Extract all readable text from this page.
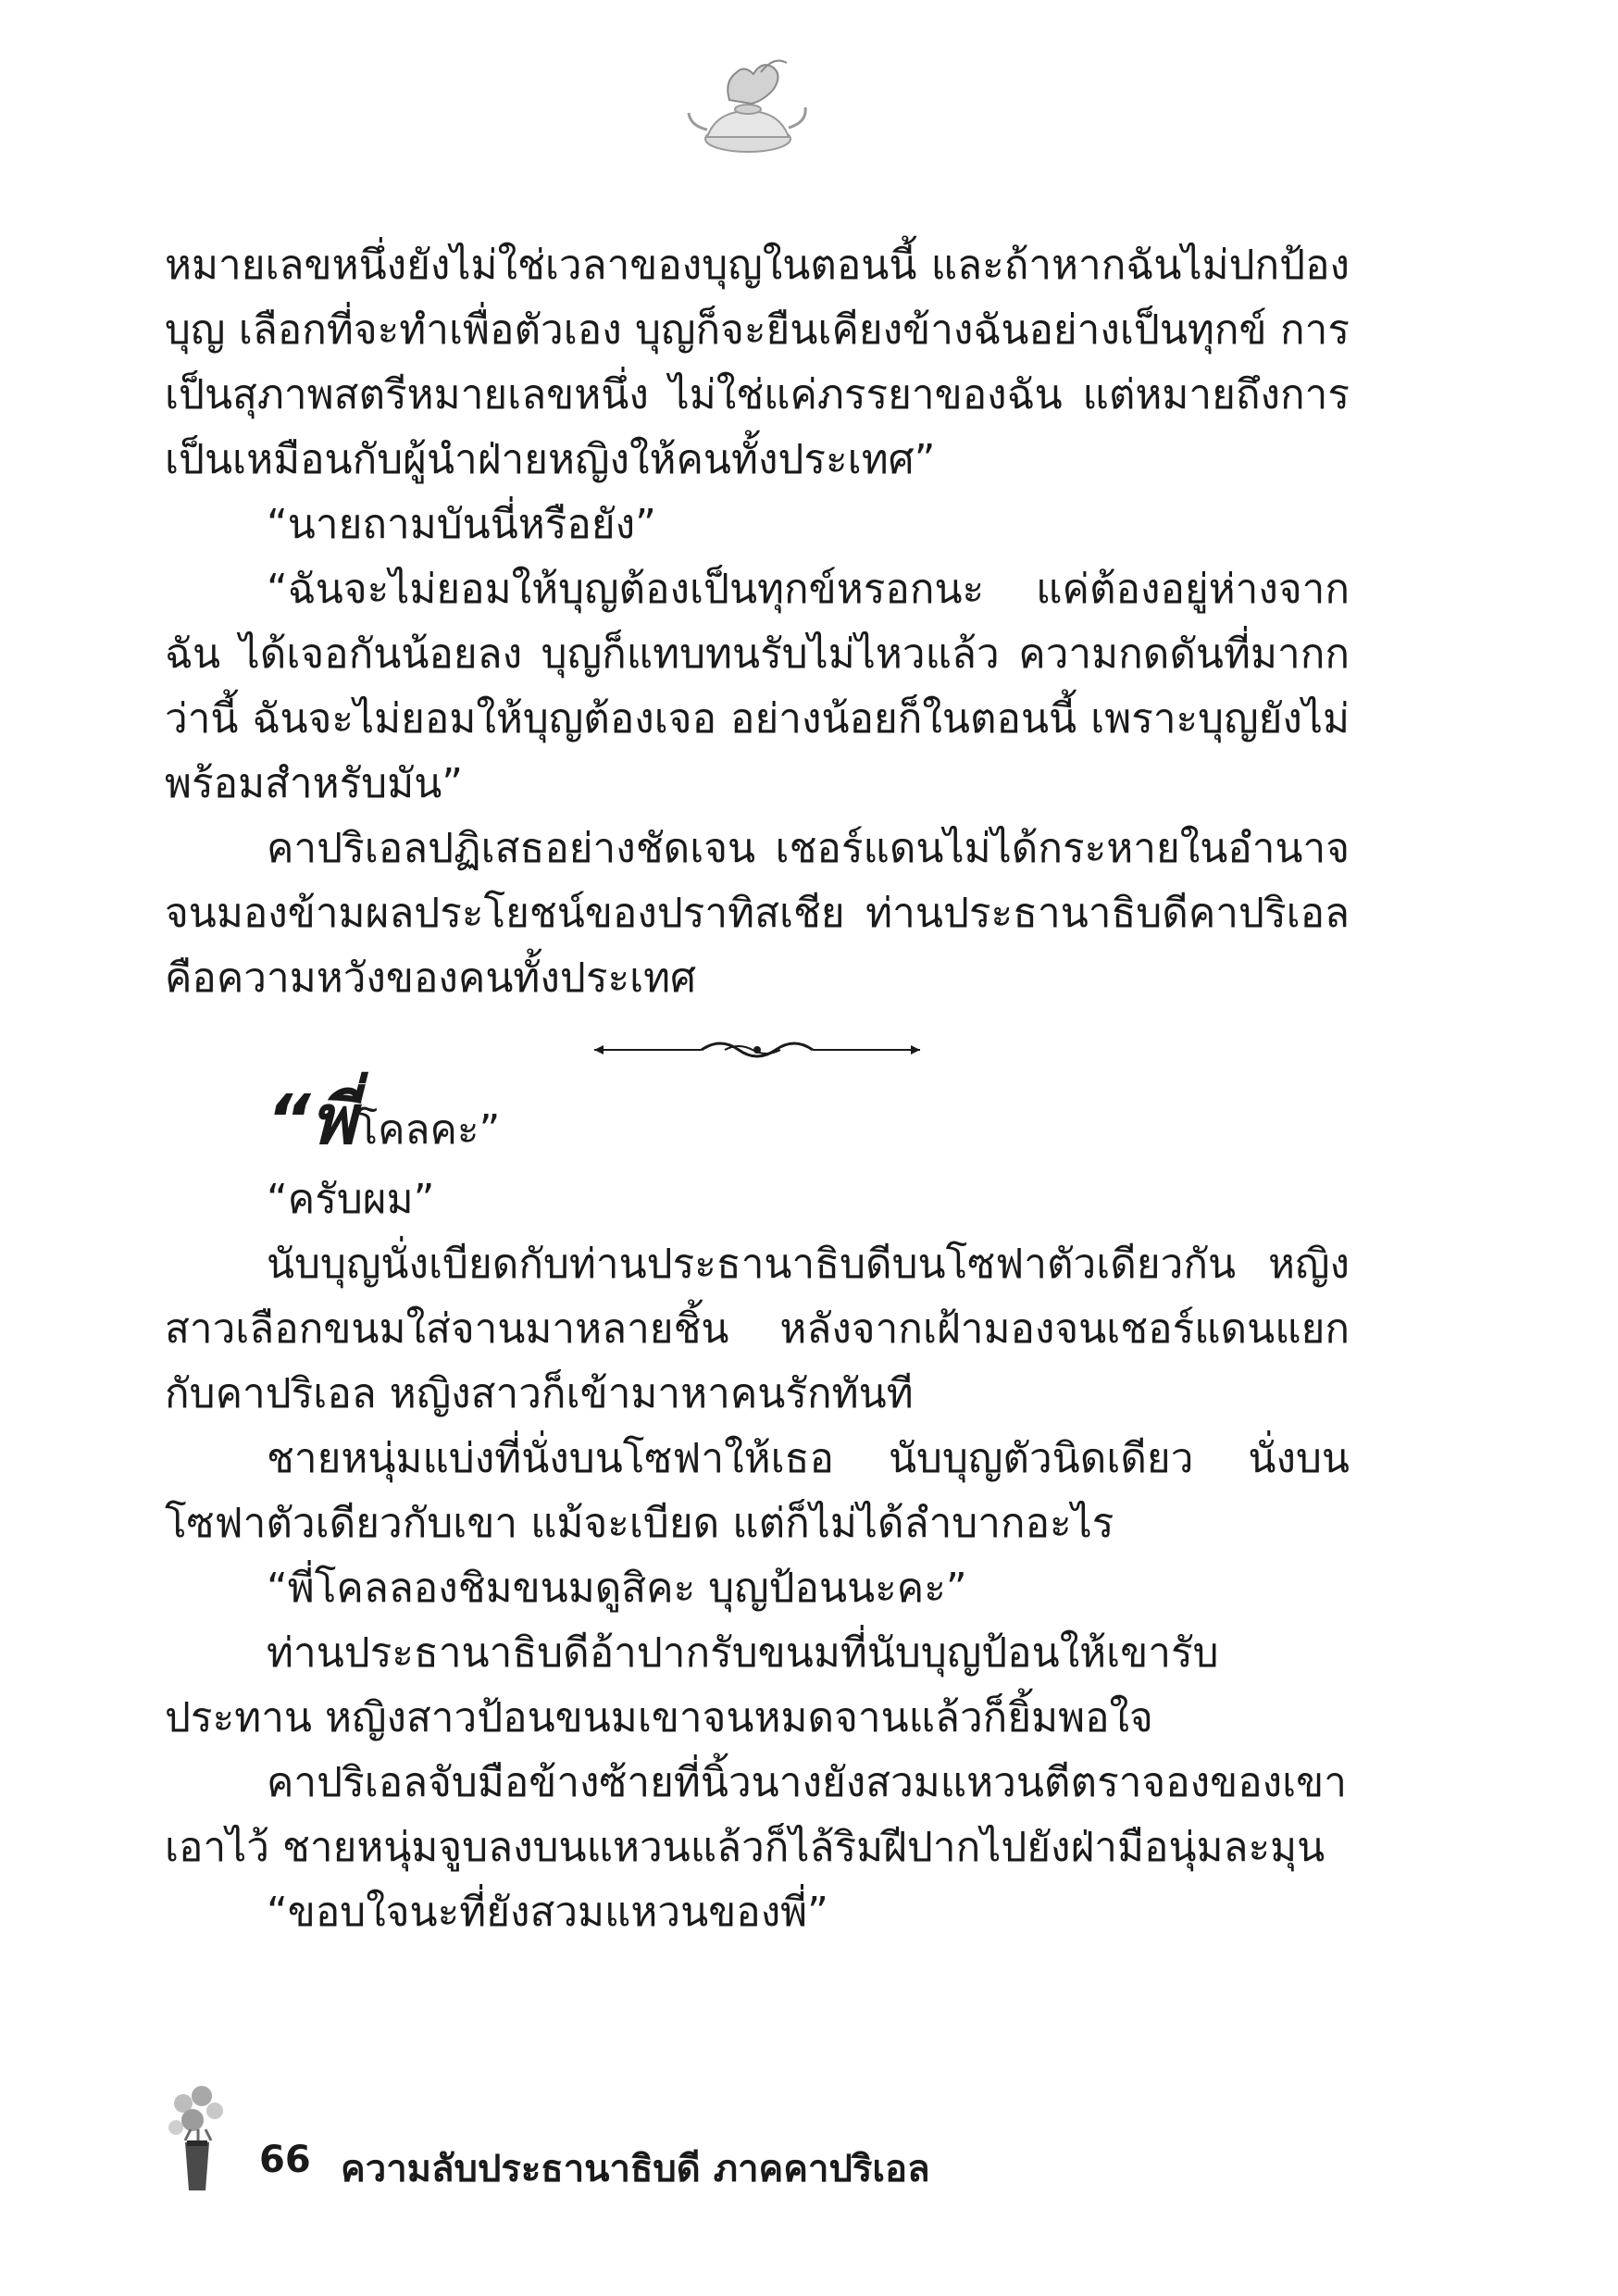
หมายเลขหนึ่งยังไม่ใช่เวลาของบุญในตอนนี้ และถ้าหากฉันไม่ปกป้องบุญ เลือกที่จะทำเพื่อตัวเอง บุญก็จะยืนเคียงข้างฉันอย่างเป็นทุกข์ การเป็นสุภาพสตรีหมายเลขหนึ่ง ไม่ใช่แค่ภรรยาของฉัน แต่หมายถึงการเป็นเหมือนกับผู้นำฝ่ายหญิงให้คนทั้งประเทศ”

“นายถามบันนี่หรือยัง”

“ฉันจะไม่ยอมให้บุญต้องเป็นทุกข์หรอกนะ แค่ต้องอยู่ห่างจากฉัน ได้เจอกันน้อยลง บุญก็แทบทนรับไม่ไหวแล้ว ความกดดันที่มากกว่านี้ ฉันจะไม่ยอมให้บุญต้องเจอ อย่างน้อยก็ในตอนนี้ เพราะบุญยังไม่พร้อมสำหรับมัน”

คาปริเอลปฏิเสธอย่างชัดเจน เชอร์แดนไม่ได้กระหายในอำนาจจนมองข้ามผลประโยชน์ของปราทิสเชีย ท่านประธานาธิบดีคาปริเอลคือความหวังของคนทั้งประเทศ

“พี่โคลคะ”

“ครับผม”

นับบุญนั่งเบียดกับท่านประธานาธิบดีบนโซฟาตัวเดียวกัน หญิงสาวเลือกขนมใส่จานมาหลายชิ้น หลังจากเฝ้ามองจนเชอร์แดนแยกกับคาปริเอล หญิงสาวก็เข้ามาหาคนรักทันที

ชายหนุ่มแบ่งที่นั่งบนโซฟาให้เธอ นับบุญตัวนิดเดียว นั่งบนโซฟาตัวเดียวกับเขา แม้จะเบียด แต่ก็ไม่ได้ลำบากอะไร

“พี่โคลลองชิมขนมดูสิคะ บุญป้อนนะคะ”

ท่านประธานาธิบดีอ้าปากรับขนมที่นับบุญป้อนให้เขารับประทาน หญิงสาวป้อนขนมเขาจนหมดจานแล้วก็ยิ้มพอใจ

คาปริเอลจับมือข้างซ้ายที่นิ้วนางยังสวมแหวนตีตราจองของเขาเอาไว้ ชายหนุ่มจูบลงบนแหวนแล้วก็ไล้ริมฝีปากไปยังฝ่ามือนุ่มละมุน

“ขอบใจนะที่ยังสวมแหวนของพี่”

66 ความลับประธานาธิบดี ภาคคาปริเอล
